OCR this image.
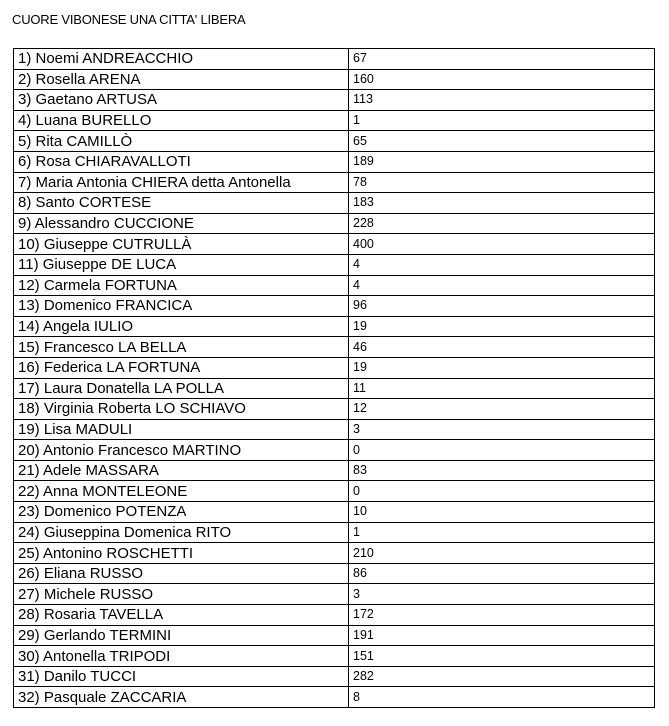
CUORE VIBONESE UNA CITTA' LIBERA
1) Noemi ANDREACCHIO	67
2) Rosella ARENA	160
3) Gaetano ARTUSA	113
4) Luana BURELLO	1
5) Rita CAMILLÒ	65
6) Rosa CHIARAVALLOTI	189
7) Maria Antonia CHIERA detta Antonella	78
8) Santo CORTESE	183
9) Alessandro CUCCIONE	228
10) Giuseppe CUTRULLÀ	400
11) Giuseppe DE LUCA	4
12) Carmela FORTUNA	4
13) Domenico FRANCICA	96
14) Angela IULIO	19
15) Francesco LA BELLA	46
16) Federica LA FORTUNA	19
17) Laura Donatella LA POLLA	11
18) Virginia Roberta LO SCHIAVO	12
19) Lisa MADULI	3
20) Antonio Francesco MARTINO	0
21) Adele MASSARA	83
22) Anna MONTELEONE	0
23) Domenico POTENZA	10
24) Giuseppina Domenica RITO	1
25) Antonino ROSCHETTI	210
26) Eliana RUSSO	86
27) Michele RUSSO	3
28) Rosaria TAVELLA	172
29) Gerlando TERMINI	191
30) Antonella TRIPODI	151
31) Danilo TUCCI	282
32) Pasquale ZACCARIA	8
